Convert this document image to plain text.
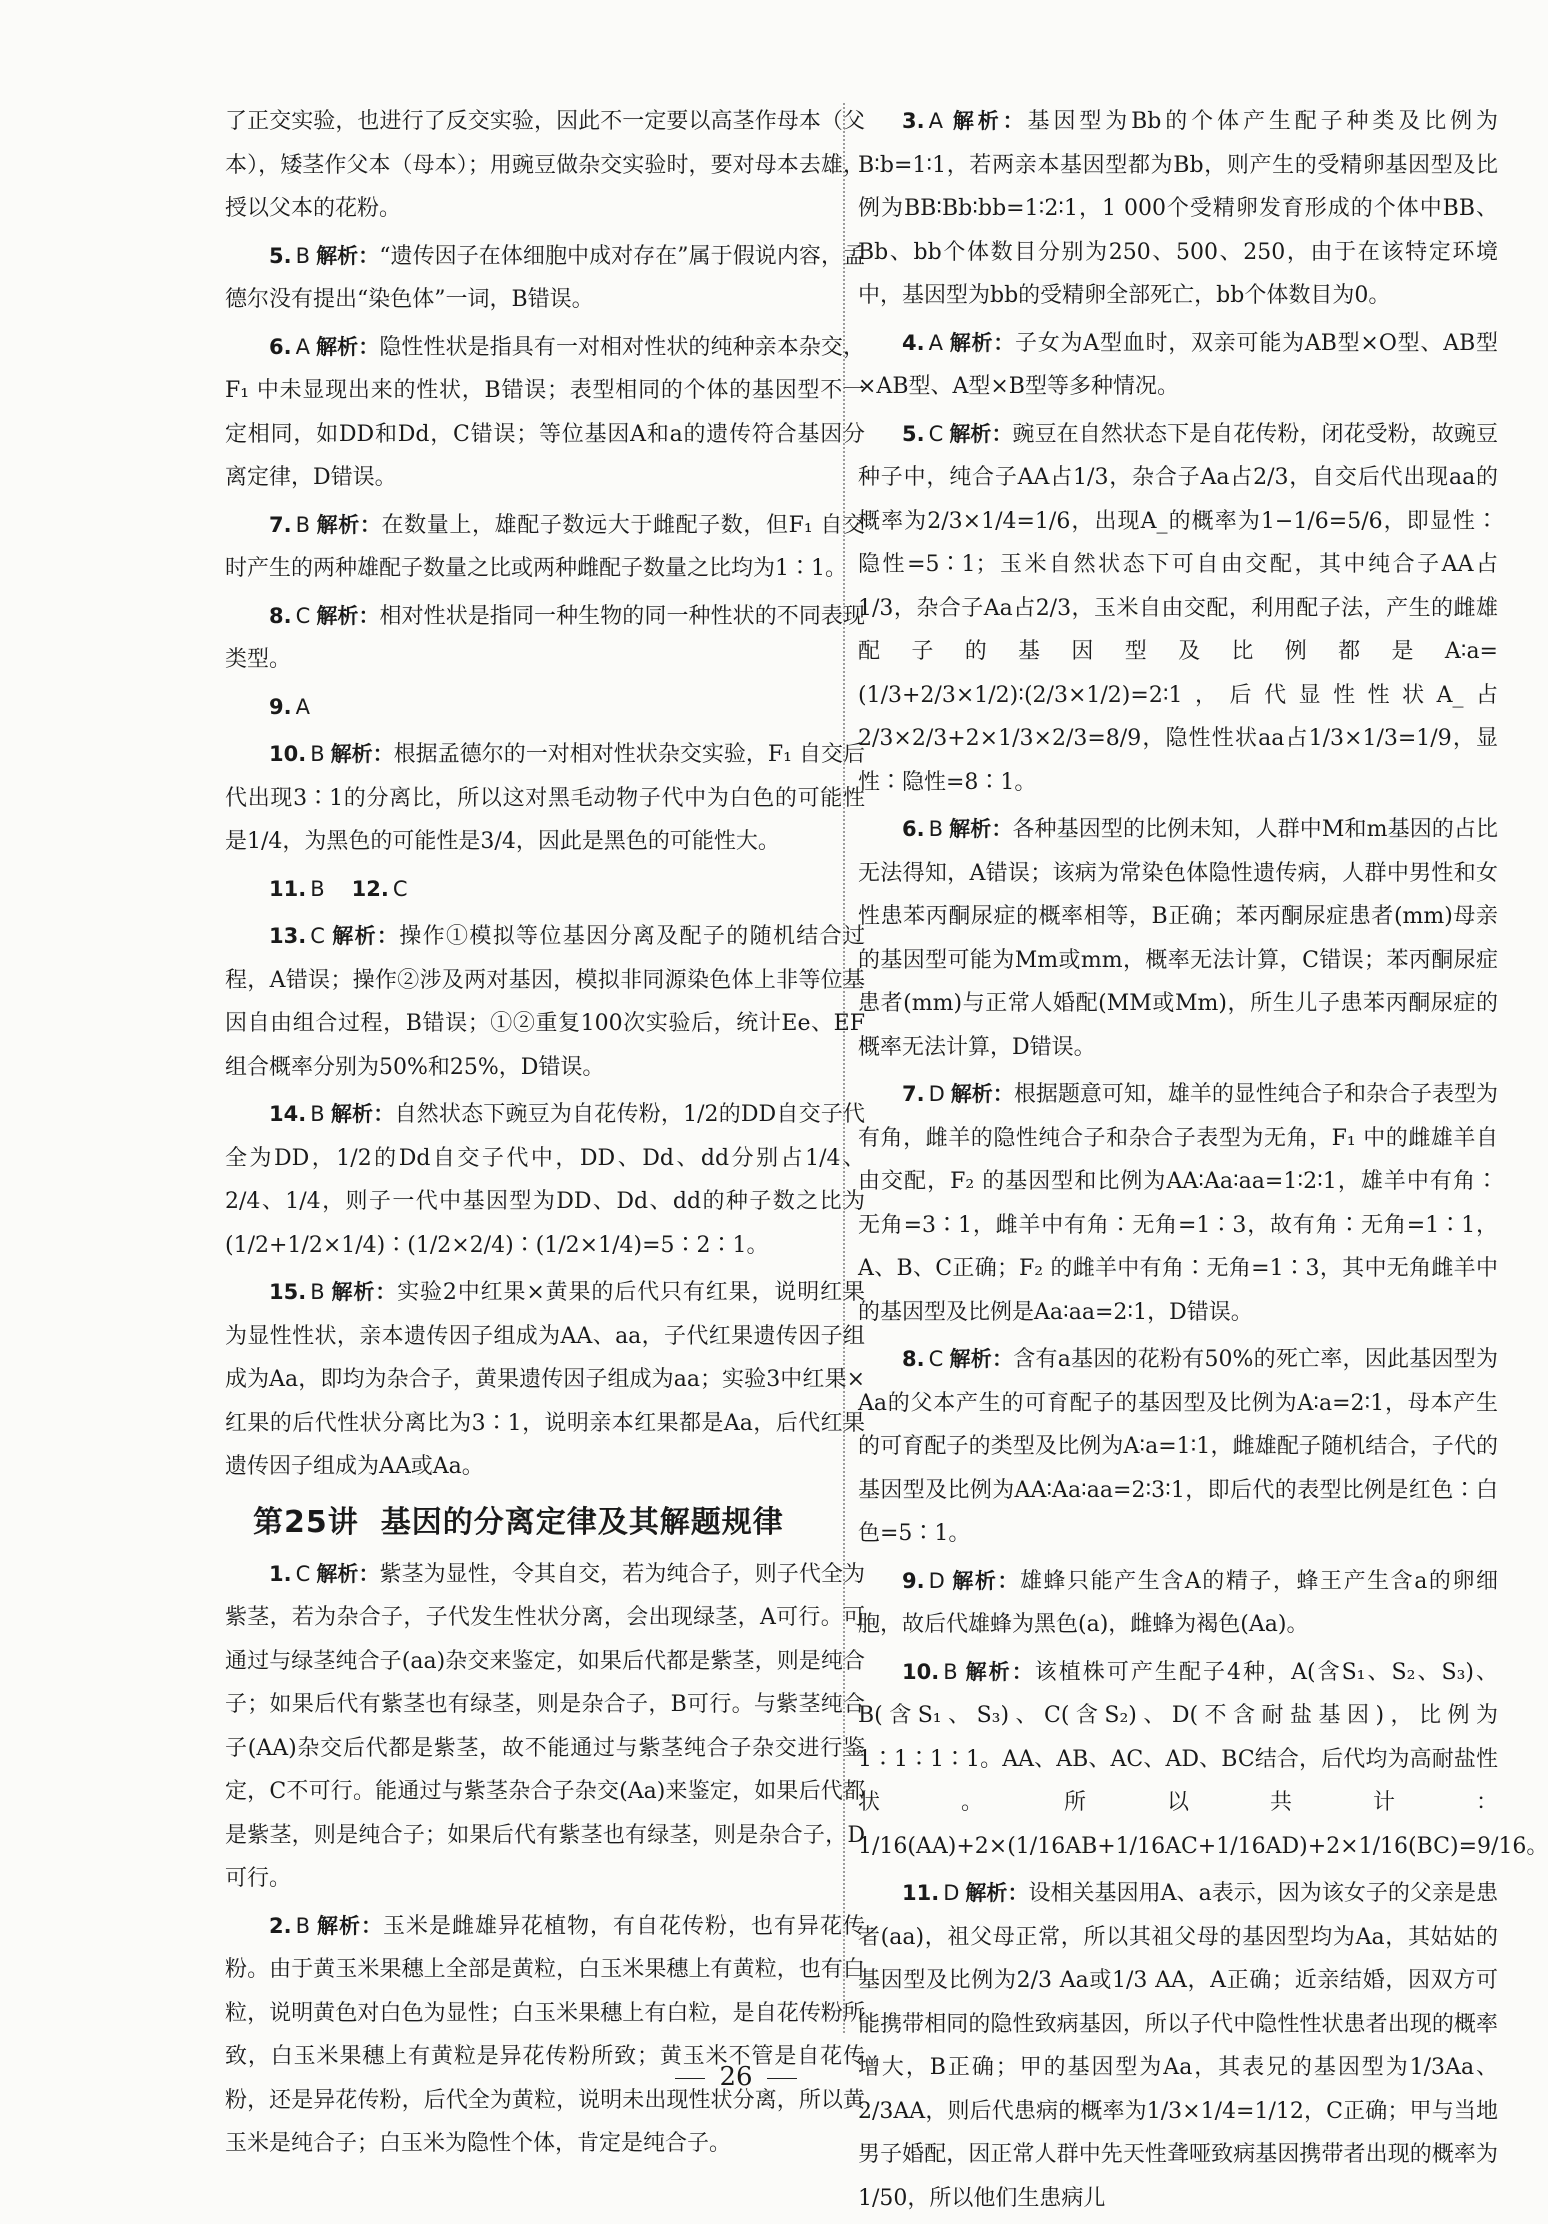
了正交实验，也进行了反交实验，因此不一定要以高茎作母本（父本），矮茎作父本（母本）；用豌豆做杂交实验时，要对母本去雄，授以父本的花粉。

5. B 解析：“遗传因子在体细胞中成对存在”属于假说内容，孟德尔没有提出“染色体”一词，B错误。

6. A 解析：隐性性状是指具有一对相对性状的纯种亲本杂交，F₁ 中未显现出来的性状，B错误；表型相同的个体的基因型不一定相同，如DD和Dd，C错误；等位基因A和a的遗传符合基因分离定律，D错误。

7. B 解析：在数量上，雄配子数远大于雌配子数，但F₁ 自交时产生的两种雄配子数量之比或两种雌配子数量之比均为1∶1。

8. C 解析：相对性状是指同一种生物的同一种性状的不同表现类型。

9. A

10. B 解析：根据孟德尔的一对相对性状杂交实验，F₁ 自交后代出现3∶1的分离比，所以这对黑毛动物子代中为白色的可能性是1/4，为黑色的可能性是3/4，因此是黑色的可能性大。

11. B 12. C

13. C 解析：操作①模拟等位基因分离及配子的随机结合过程，A错误；操作②涉及两对基因，模拟非同源染色体上非等位基因自由组合过程，B错误；①②重复100次实验后，统计Ee、EF组合概率分别为50%和25%，D错误。

14. B 解析：自然状态下豌豆为自花传粉，1/2的DD自交子代全为DD，1/2的Dd自交子代中，DD、Dd、dd分别占1/4、2/4、1/4，则子一代中基因型为DD、Dd、dd的种子数之比为(1/2+1/2×1/4)∶(1/2×2/4)∶(1/2×1/4)=5∶2∶1。

15. B 解析：实验2中红果×黄果的后代只有红果，说明红果为显性性状，亲本遗传因子组成为AA、aa，子代红果遗传因子组成为Aa，即均为杂合子，黄果遗传因子组成为aa；实验3中红果×红果的后代性状分离比为3∶1，说明亲本红果都是Aa，后代红果遗传因子组成为AA或Aa。

第25讲 基因的分离定律及其解题规律

1. C 解析：紫茎为显性，令其自交，若为纯合子，则子代全为紫茎，若为杂合子，子代发生性状分离，会出现绿茎，A可行。可通过与绿茎纯合子(aa)杂交来鉴定，如果后代都是紫茎，则是纯合子；如果后代有紫茎也有绿茎，则是杂合子，B可行。与紫茎纯合子(AA)杂交后代都是紫茎，故不能通过与紫茎纯合子杂交进行鉴定，C不可行。能通过与紫茎杂合子杂交(Aa)来鉴定，如果后代都是紫茎，则是纯合子；如果后代有紫茎也有绿茎，则是杂合子，D可行。

2. B 解析：玉米是雌雄异花植物，有自花传粉，也有异花传粉。由于黄玉米果穗上全部是黄粒，白玉米果穗上有黄粒，也有白粒，说明黄色对白色为显性；白玉米果穗上有白粒，是自花传粉所致，白玉米果穗上有黄粒是异花传粉所致；黄玉米不管是自花传粉，还是异花传粉，后代全为黄粒，说明未出现性状分离，所以黄玉米是纯合子；白玉米为隐性个体，肯定是纯合子。

3. A 解析：基因型为Bb的个体产生配子种类及比例为B∶b=1∶1，若两亲本基因型都为Bb，则产生的受精卵基因型及比例为BB∶Bb∶bb=1∶2∶1，1 000个受精卵发育形成的个体中BB、Bb、bb个体数目分别为250、500、250，由于在该特定环境中，基因型为bb的受精卵全部死亡，bb个体数目为0。

4. A 解析：子女为A型血时，双亲可能为AB型×O型、AB型×AB型、A型×B型等多种情况。

5. C 解析：豌豆在自然状态下是自花传粉，闭花受粉，故豌豆种子中，纯合子AA占1/3，杂合子Aa占2/3，自交后代出现aa的概率为2/3×1/4=1/6，出现A_的概率为1−1/6=5/6，即显性∶隐性=5∶1；玉米自然状态下可自由交配，其中纯合子AA占1/3，杂合子Aa占2/3，玉米自由交配，利用配子法，产生的雌雄配子的基因型及比例都是A∶a=(1/3+2/3×1/2)∶(2/3×1/2)=2∶1，后代显性性状A_占2/3×2/3+2×1/3×2/3=8/9，隐性性状aa占1/3×1/3=1/9，显性∶隐性=8∶1。

6. B 解析：各种基因型的比例未知，人群中M和m基因的占比无法得知，A错误；该病为常染色体隐性遗传病，人群中男性和女性患苯丙酮尿症的概率相等，B正确；苯丙酮尿症患者(mm)母亲的基因型可能为Mm或mm，概率无法计算，C错误；苯丙酮尿症患者(mm)与正常人婚配(MM或Mm)，所生儿子患苯丙酮尿症的概率无法计算，D错误。

7. D 解析：根据题意可知，雄羊的显性纯合子和杂合子表型为有角，雌羊的隐性纯合子和杂合子表型为无角，F₁ 中的雌雄羊自由交配，F₂ 的基因型和比例为AA∶Aa∶aa=1∶2∶1，雄羊中有角∶无角=3∶1，雌羊中有角∶无角=1∶3，故有角∶无角=1∶1，A、B、C正确；F₂ 的雌羊中有角∶无角=1∶3，其中无角雌羊中的基因型及比例是Aa∶aa=2∶1，D错误。

8. C 解析：含有a基因的花粉有50%的死亡率，因此基因型为Aa的父本产生的可育配子的基因型及比例为A∶a=2∶1，母本产生的可育配子的类型及比例为A∶a=1∶1，雌雄配子随机结合，子代的基因型及比例为AA∶Aa∶aa=2∶3∶1，即后代的表型比例是红色∶白色=5∶1。

9. D 解析：雄蜂只能产生含A的精子，蜂王产生含a的卵细胞，故后代雄蜂为黑色(a)，雌蜂为褐色(Aa)。

10. B 解析：该植株可产生配子4种，A(含S₁、S₂、S₃)、B(含S₁、S₃)、C(含S₂)、D(不含耐盐基因)，比例为1∶1∶1∶1。AA、AB、AC、AD、BC结合，后代均为高耐盐性状。所以共计：1/16(AA)+2×(1/16AB+1/16AC+1/16AD)+2×1/16(BC)=9/16。

11. D 解析：设相关基因用A、a表示，因为该女子的父亲是患者(aa)，祖父母正常，所以其祖父母的基因型均为Aa，其姑姑的基因型及比例为2/3 Aa或1/3 AA，A正确；近亲结婚，因双方可能携带相同的隐性致病基因，所以子代中隐性性状患者出现的概率增大，B正确；甲的基因型为Aa，其表兄的基因型为1/3Aa、2/3AA，则后代患病的概率为1/3×1/4=1/12，C正确；甲与当地男子婚配，因正常人群中先天性聋哑致病基因携带者出现的概率为1/50，所以他们生患病儿

26
